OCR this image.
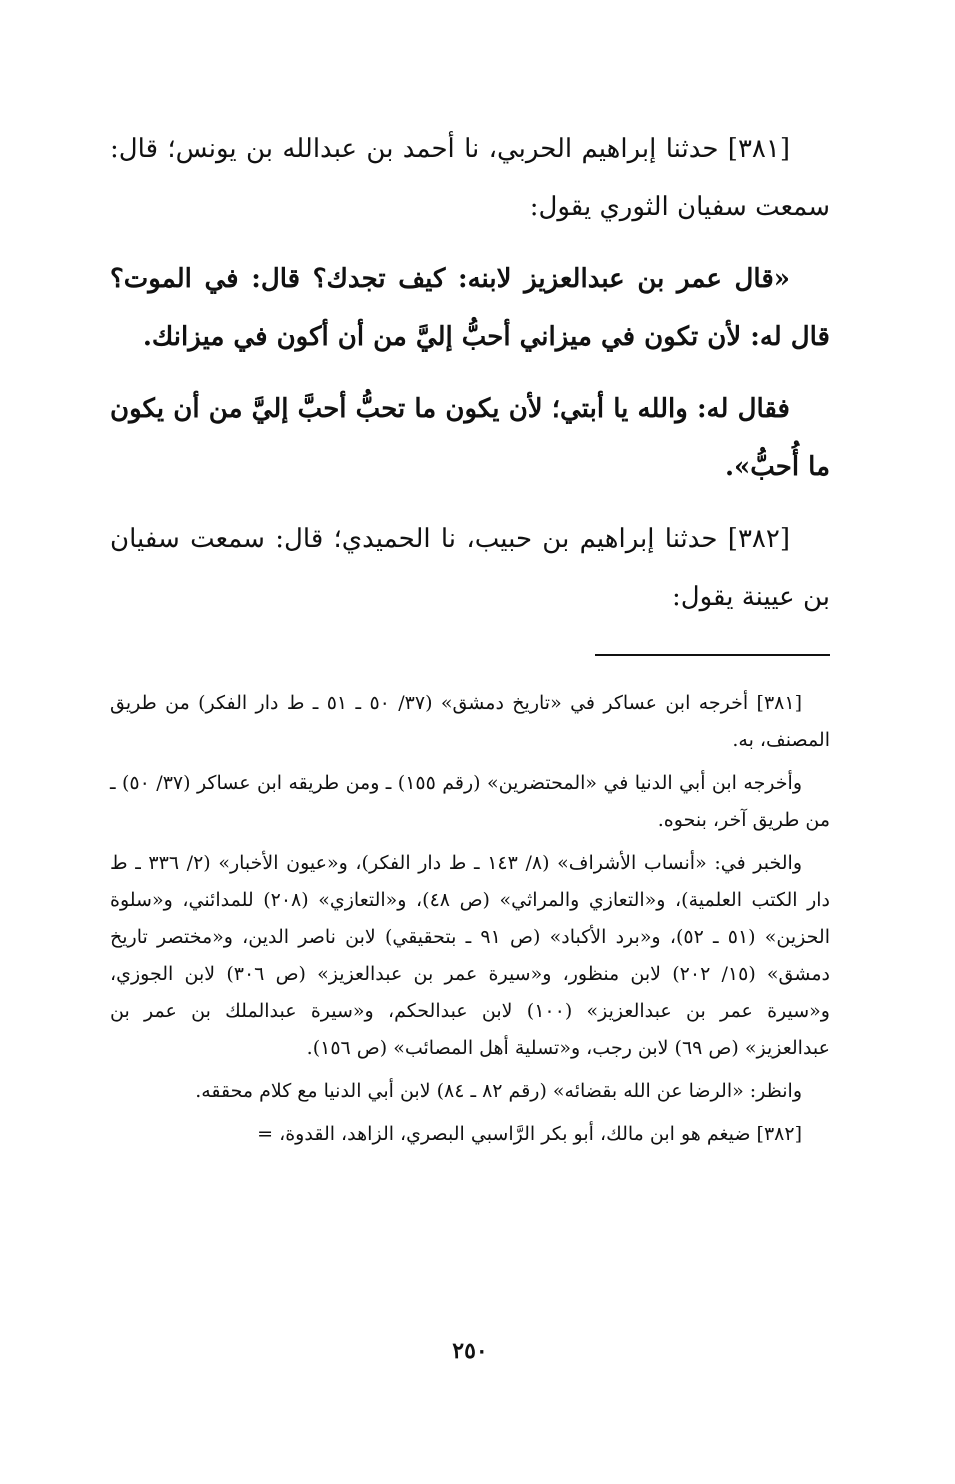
[٣٨١] حدثنا إبراهيم الحربي، نا أحمد بن عبدالله بن يونس؛ قال: سمعت سفيان الثوري يقول:

«قال عمر بن عبدالعزيز لابنه: كيف تجدك؟ قال: في الموت؟ قال له: لأن تكون في ميزاني أحبُّ إليَّ من أن أكون في ميزانك.

فقال له: والله يا أبتي؛ لأن يكون ما تحبُّ أحبَّ إليَّ من أن يكون ما أُحبُّ».

[٣٨٢] حدثنا إبراهيم بن حبيب، نا الحميدي؛ قال: سمعت سفيان بن عيينة يقول:

[٣٨١] أخرجه ابن عساكر في «تاريخ دمشق» (٣٧/ ٥٠ ـ ٥١ ـ ط دار الفكر) من طريق المصنف، به.

وأخرجه ابن أبي الدنيا في «المحتضرين» (رقم ١٥٥) ـ ومن طريقه ابن عساكر (٣٧/ ٥٠) ـ من طريق آخر، بنحوه.

والخبر في: «أنساب الأشراف» (٨/ ١٤٣ ـ ط دار الفكر)، و«عيون الأخبار» (٢/ ٣٣٦ ـ ط دار الكتب العلمية)، و«التعازي والمراثي» (ص ٤٨)، و«التعازي» (٢٠٨) للمدائني، و«سلوة الحزين» (٥١ ـ ٥٢)، و«برد الأكباد» (ص ٩١ ـ بتحقيقي) لابن ناصر الدين، و«مختصر تاريخ دمشق» (١٥/ ٢٠٢) لابن منظور، و«سيرة عمر بن عبدالعزيز» (ص ٣٠٦) لابن الجوزي، و«سيرة عمر بن عبدالعزيز» (١٠٠) لابن عبدالحكم، و«سيرة عبدالملك بن عمر بن عبدالعزيز» (ص ٦٩) لابن رجب، و«تسلية أهل المصائب» (ص ١٥٦).

وانظر: «الرضا عن الله بقضائه» (رقم ٨٢ ـ ٨٤) لابن أبي الدنيا مع كلام محققه.

[٣٨٢] ضيغم هو ابن مالك، أبو بكر الرَّاسبي البصري، الزاهد، القدوة، =

٢٥٠
